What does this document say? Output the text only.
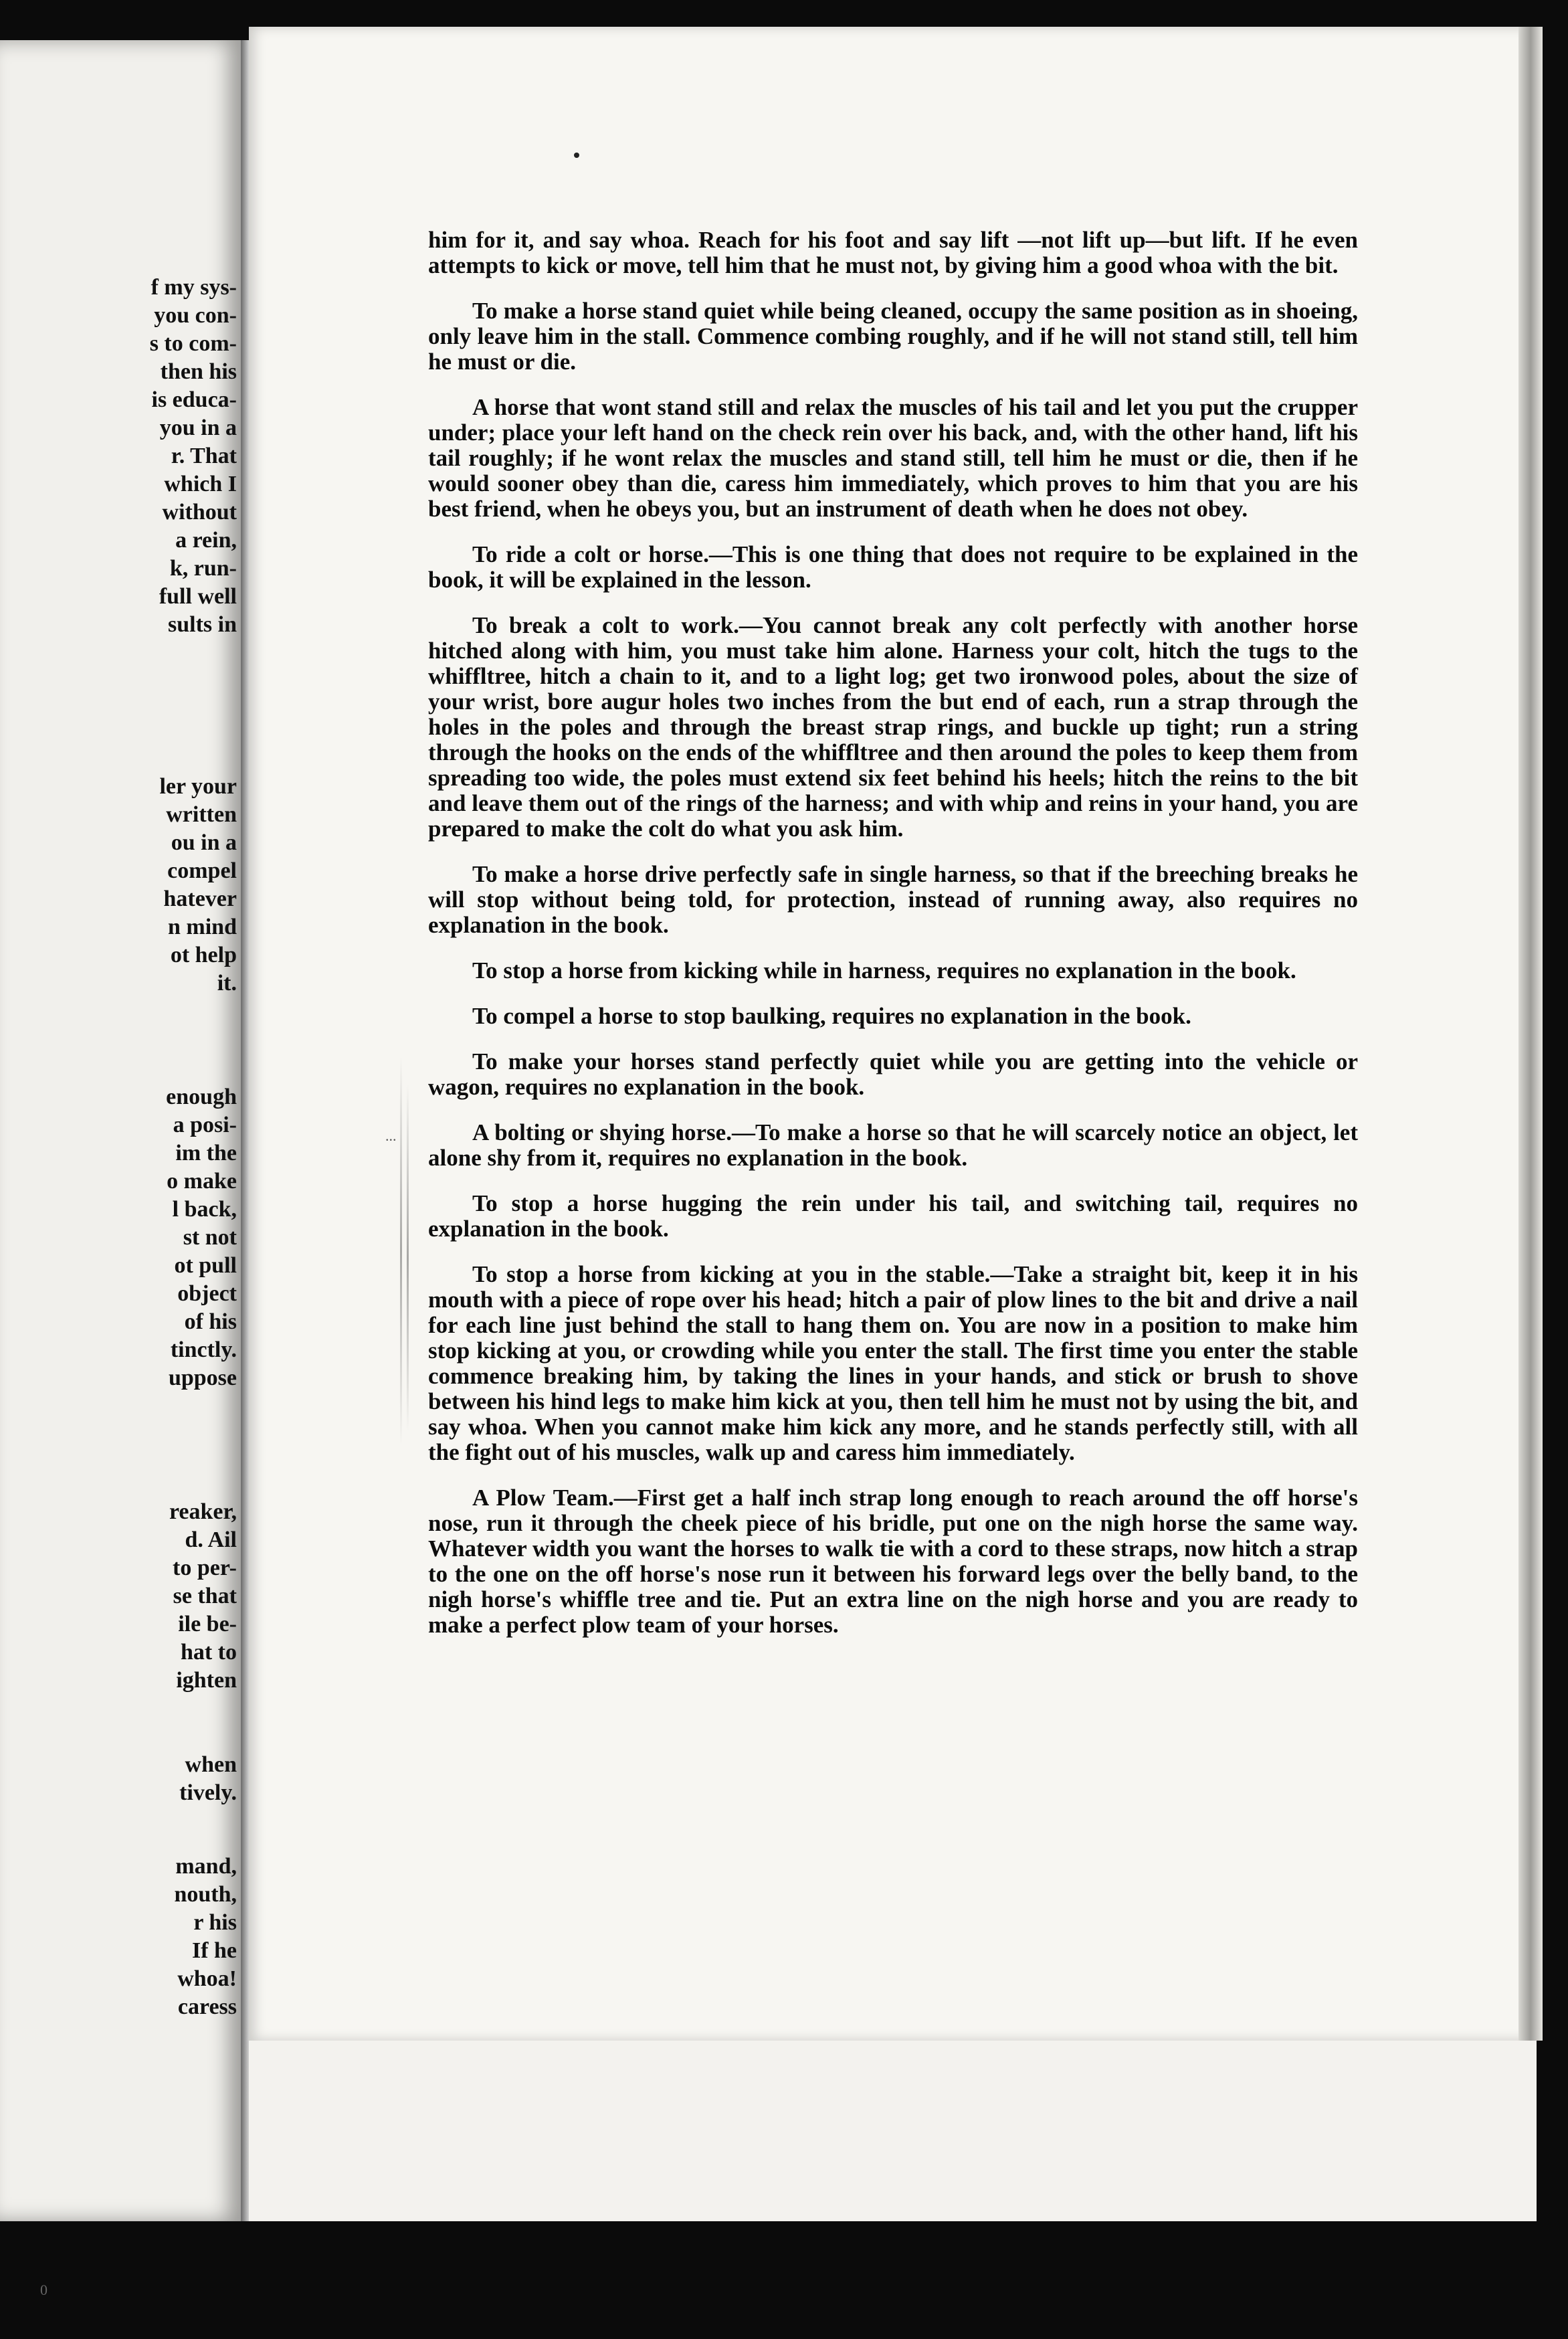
f my sys-
you con-
s to com-
then his
is educa-
you in a
r. That
which I
without
a rein,
k, run-
full well
sults in
ler your
written
ou in a
compel
hatever
n mind
ot help
it.
enough
a posi-
im the
o make
l back,
st not
ot pull
object
of his
tinctly.
uppose
reaker,
d. Ail
to per-
se that
ile be-
hat to
ighten
when
tively.
mand,
nouth,
r his
If he
whoa!
caress
...
0

him for it, and say whoa. Reach for his foot and say lift —not lift up—but lift. If he even attempts to kick or move, tell him that he must not, by giving him a good whoa with the bit.

To make a horse stand quiet while being cleaned, occupy the same position as in shoeing, only leave him in the stall. Commence combing roughly, and if he will not stand still, tell him he must or die.

A horse that wont stand still and relax the muscles of his tail and let you put the crupper under; place your left hand on the check rein over his back, and, with the other hand, lift his tail roughly; if he wont relax the muscles and stand still, tell him he must or die, then if he would sooner obey than die, caress him immediately, which proves to him that you are his best friend, when he obeys you, but an instrument of death when he does not obey.

To ride a colt or horse.—This is one thing that does not require to be explained in the book, it will be explained in the lesson.

To break a colt to work.—You cannot break any colt perfectly with another horse hitched along with him, you must take him alone. Harness your colt, hitch the tugs to the whiffltree, hitch a chain to it, and to a light log; get two ironwood poles, about the size of your wrist, bore augur holes two inches from the but end of each, run a strap through the holes in the poles and through the breast strap rings, and buckle up tight; run a string through the hooks on the ends of the whiffltree and then around the poles to keep them from spreading too wide, the poles must extend six feet behind his heels; hitch the reins to the bit and leave them out of the rings of the harness; and with whip and reins in your hand, you are prepared to make the colt do what you ask him.

To make a horse drive perfectly safe in single harness, so that if the breeching breaks he will stop without being told, for protection, instead of running away, also requires no explanation in the book.

To stop a horse from kicking while in harness, requires no explanation in the book.

To compel a horse to stop baulking, requires no explanation in the book.

To make your horses stand perfectly quiet while you are getting into the vehicle or wagon, requires no explanation in the book.

A bolting or shying horse.—To make a horse so that he will scarcely notice an object, let alone shy from it, requires no explanation in the book.

To stop a horse hugging the rein under his tail, and switching tail, requires no explanation in the book.

To stop a horse from kicking at you in the stable.—Take a straight bit, keep it in his mouth with a piece of rope over his head; hitch a pair of plow lines to the bit and drive a nail for each line just behind the stall to hang them on. You are now in a position to make him stop kicking at you, or crowding while you enter the stall. The first time you enter the stable commence breaking him, by taking the lines in your hands, and stick or brush to shove between his hind legs to make him kick at you, then tell him he must not by using the bit, and say whoa. When you cannot make him kick any more, and he stands perfectly still, with all the fight out of his muscles, walk up and caress him immediately.

A Plow Team.—First get a half inch strap long enough to reach around the off horse's nose, run it through the cheek piece of his bridle, put one on the nigh horse the same way. Whatever width you want the horses to walk tie with a cord to these straps, now hitch a strap to the one on the off horse's nose run it between his forward legs over the belly band, to the nigh horse's whiffle tree and tie. Put an extra line on the nigh horse and you are ready to make a perfect plow team of your horses.
